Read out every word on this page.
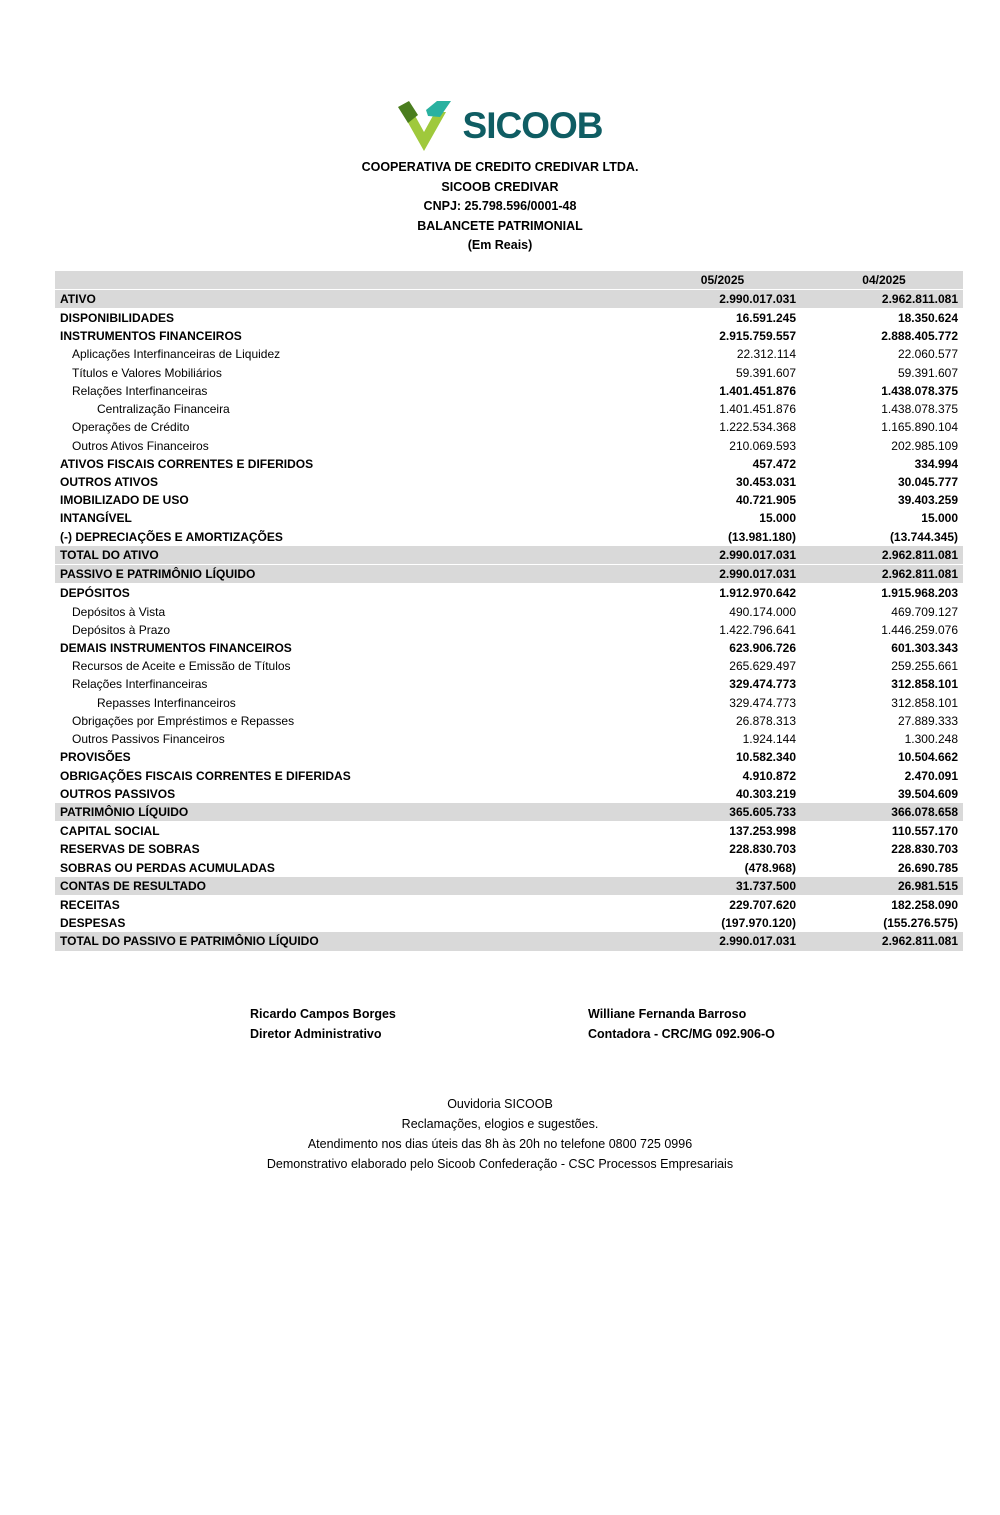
SICOOB
COOPERATIVA DE CREDITO CREDIVAR LTDA.
SICOOB CREDIVAR
CNPJ: 25.798.596/0001-48
BALANCETE PATRIMONIAL
(Em Reais)
05/2025	04/2025
ATIVO	2.990.017.031	2.962.811.081
DISPONIBILIDADES	16.591.245	18.350.624
INSTRUMENTOS FINANCEIROS	2.915.759.557	2.888.405.772
Aplicações Interfinanceiras de Liquidez	22.312.114	22.060.577
Títulos e Valores Mobiliários	59.391.607	59.391.607
Relações Interfinanceiras	1.401.451.876	1.438.078.375
Centralização Financeira	1.401.451.876	1.438.078.375
Operações de Crédito	1.222.534.368	1.165.890.104
Outros Ativos Financeiros	210.069.593	202.985.109
ATIVOS FISCAIS CORRENTES E DIFERIDOS	457.472	334.994
OUTROS ATIVOS	30.453.031	30.045.777
IMOBILIZADO DE USO	40.721.905	39.403.259
INTANGÍVEL	15.000	15.000
(-) DEPRECIAÇÕES E AMORTIZAÇÕES	(13.981.180)	(13.744.345)
TOTAL DO ATIVO	2.990.017.031	2.962.811.081
PASSIVO E PATRIMÔNIO LÍQUIDO	2.990.017.031	2.962.811.081
DEPÓSITOS	1.912.970.642	1.915.968.203
Depósitos à Vista	490.174.000	469.709.127
Depósitos à Prazo	1.422.796.641	1.446.259.076
DEMAIS INSTRUMENTOS FINANCEIROS	623.906.726	601.303.343
Recursos de Aceite e Emissão de Títulos	265.629.497	259.255.661
Relações Interfinanceiras	329.474.773	312.858.101
Repasses Interfinanceiros	329.474.773	312.858.101
Obrigações por Empréstimos e Repasses	26.878.313	27.889.333
Outros Passivos Financeiros	1.924.144	1.300.248
PROVISÕES	10.582.340	10.504.662
OBRIGAÇÕES FISCAIS CORRENTES E DIFERIDAS	4.910.872	2.470.091
OUTROS PASSIVOS	40.303.219	39.504.609
PATRIMÔNIO LÍQUIDO	365.605.733	366.078.658
CAPITAL SOCIAL	137.253.998	110.557.170
RESERVAS DE SOBRAS	228.830.703	228.830.703
SOBRAS OU PERDAS ACUMULADAS	(478.968)	26.690.785
CONTAS DE RESULTADO	31.737.500	26.981.515
RECEITAS	229.707.620	182.258.090
DESPESAS	(197.970.120)	(155.276.575)
TOTAL DO PASSIVO E PATRIMÔNIO LÍQUIDO	2.990.017.031	2.962.811.081
Ricardo Campos Borges
Diretor Administrativo
Williane Fernanda Barroso
Contadora - CRC/MG 092.906-O
Ouvidoria SICOOB
Reclamações, elogios e sugestões.
Atendimento nos dias úteis das 8h às 20h no telefone 0800 725 0996
Demonstrativo elaborado pelo Sicoob Confederação - CSC Processos Empresariais
